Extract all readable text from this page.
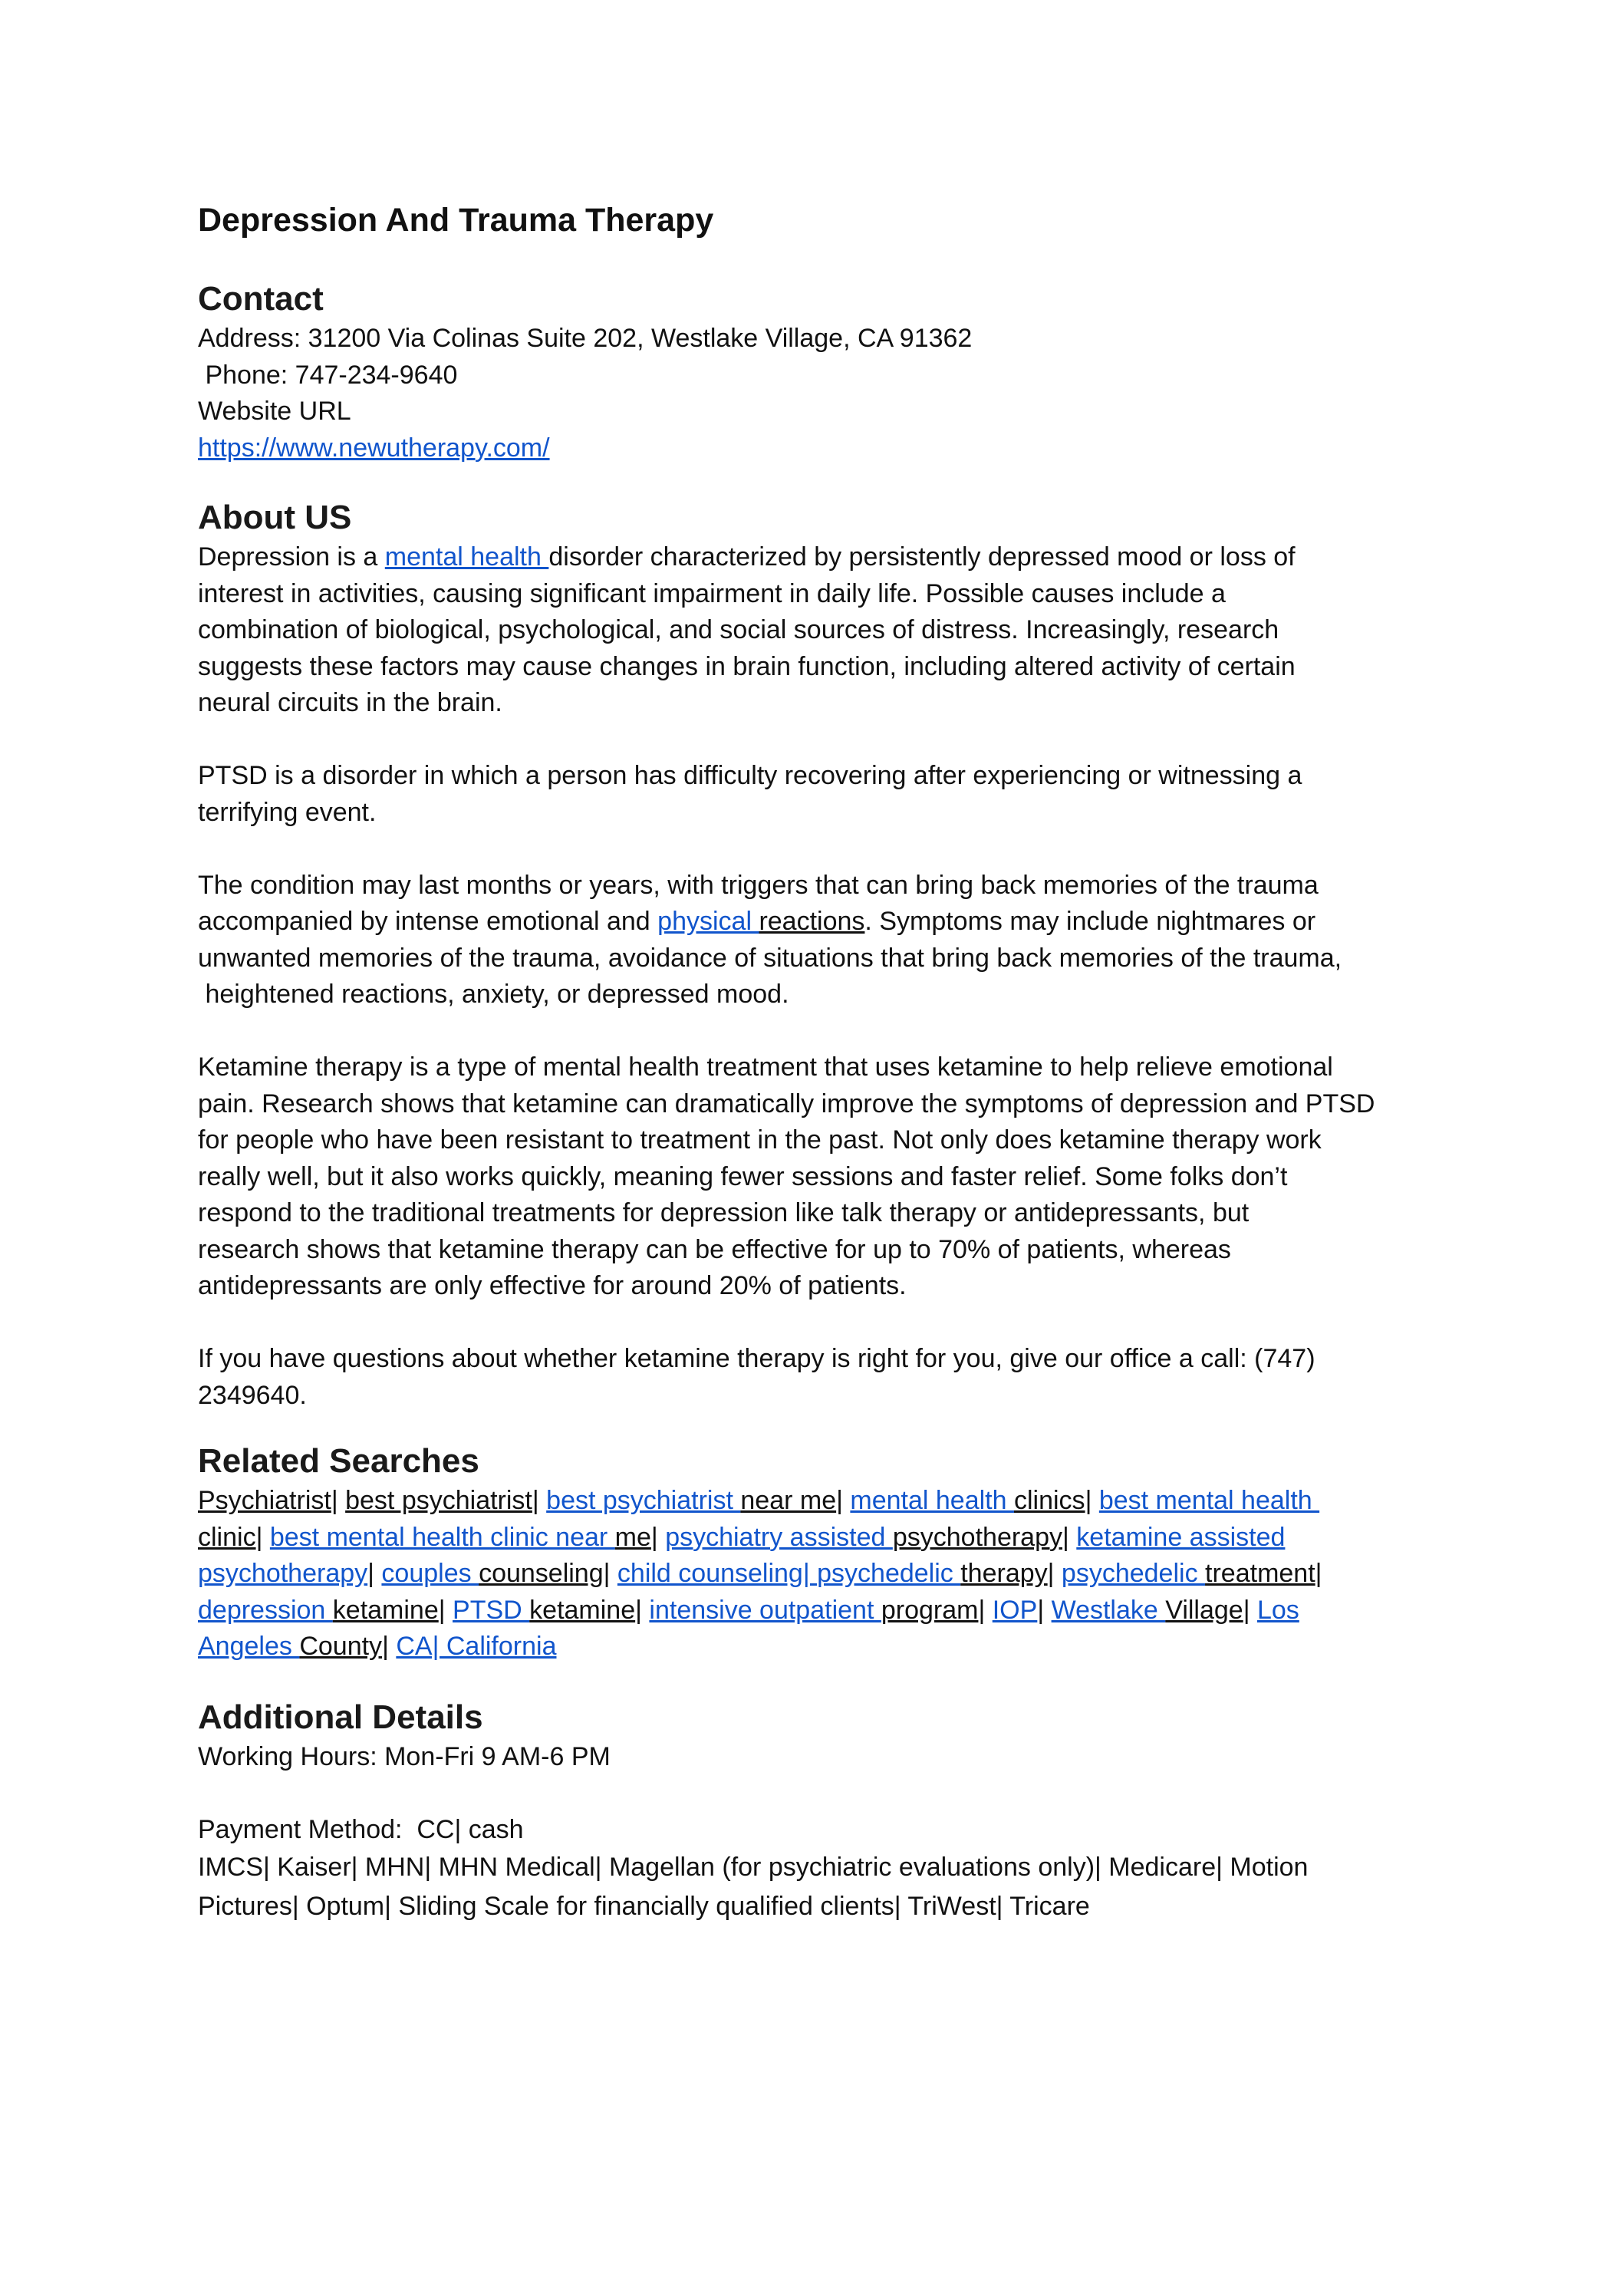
Depression And Trauma Therapy
Contact
Address: 31200 Via Colinas Suite 202, Westlake Village, CA 91362
Phone: 747-234-9640
Website URL
https://www.newutherapy.com/
About US

Depression is a mental health disorder characterized by persistently depressed mood or loss of
interest in activities, causing significant impairment in daily life. Possible causes include a
combination of biological, psychological, and social sources of distress. Increasingly, research
suggests these factors may cause changes in brain function, including altered activity of certain
neural circuits in the brain.

PTSD is a disorder in which a person has difficulty recovering after experiencing or witnessing a
terrifying event.

The condition may last months or years, with triggers that can bring back memories of the trauma
accompanied by intense emotional and physical reactions. Symptoms may include nightmares or
unwanted memories of the trauma, avoidance of situations that bring back memories of the trauma,
heightened reactions, anxiety, or depressed mood.

Ketamine therapy is a type of mental health treatment that uses ketamine to help relieve emotional
pain. Research shows that ketamine can dramatically improve the symptoms of depression and PTSD
for people who have been resistant to treatment in the past. Not only does ketamine therapy work
really well, but it also works quickly, meaning fewer sessions and faster relief. Some folks don’t
respond to the traditional treatments for depression like talk therapy or antidepressants, but
research shows that ketamine therapy can be effective for up to 70% of patients, whereas
antidepressants are only effective for around 20% of patients.

If you have questions about whether ketamine therapy is right for you, give our office a call: (747)
2349640.

Related Searches
Psychiatrist| best psychiatrist| best psychiatrist near me| mental health clinics| best mental health
clinic| best mental health clinic near me| psychiatry assisted psychotherapy| ketamine assisted
psychotherapy| couples counseling| child counseling| psychedelic therapy| psychedelic treatment|
depression ketamine| PTSD ketamine| intensive outpatient program| IOP| Westlake Village| Los
Angeles County| CA| California
Additional Details
Working Hours: Mon-Fri 9 AM-6 PM
Payment Method:  CC| cash
IMCS| Kaiser| MHN| MHN Medical| Magellan (for psychiatric evaluations only)| Medicare| Motion
Pictures| Optum| Sliding Scale for financially qualified clients| TriWest| Tricare
